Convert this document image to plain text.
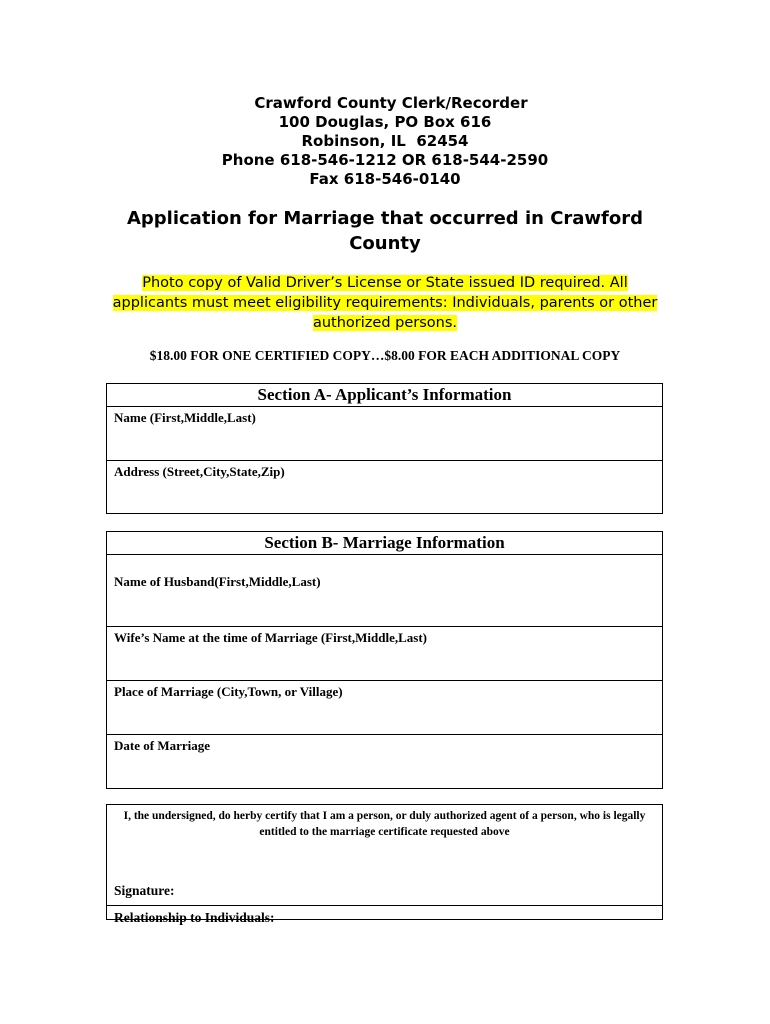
Crawford County Clerk/Recorder
100 Douglas, PO Box 616
Robinson, IL  62454
Phone 618-546-1212 OR 618-544-2590
Fax 618-546-0140
Application for Marriage that occurred in Crawford County
Photo copy of Valid Driver’s License or State issued ID required. All applicants must meet eligibility requirements: Individuals, parents or other authorized persons.
$18.00 FOR ONE CERTIFIED COPY…$8.00 FOR EACH ADDITIONAL COPY
Section A- Applicant’s Information
Name (First,Middle,Last)
Address (Street,City,State,Zip)
Section B- Marriage Information
Name of Husband(First,Middle,Last)
Wife’s Name at the time of Marriage (First,Middle,Last)
Place of Marriage (City,Town, or Village)
Date of Marriage
I, the undersigned, do herby certify that I am a person, or duly authorized agent of a person, who is legally entitled to the marriage certificate requested above
Signature:
Relationship to Individuals:
